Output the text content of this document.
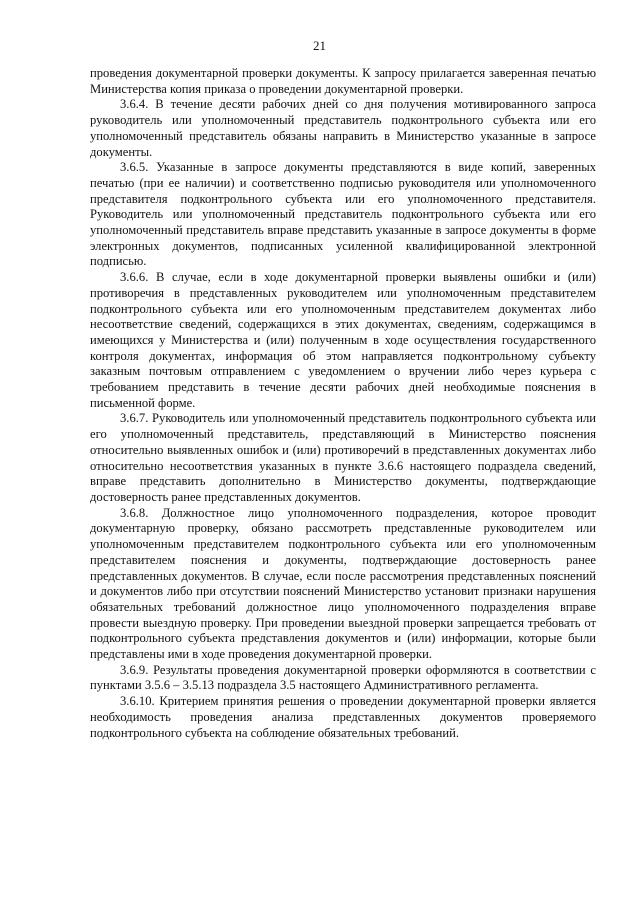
21

проведения документарной проверки документы. К запросу прилагается заверенная печатью Министерства копия приказа о проведении документарной проверки.

3.6.4. В течение десяти рабочих дней со дня получения мотивированного запроса руководитель или уполномоченный представитель подконтрольного субъекта или его уполномоченный представитель обязаны направить в Министерство указанные в запросе документы.

3.6.5. Указанные в запросе документы представляются в виде копий, заверенных печатью (при ее наличии) и соответственно подписью руководителя или уполномоченного представителя подконтрольного субъекта или его уполномоченного представителя. Руководитель или уполномоченный представитель подконтрольного субъекта или его уполномоченный представитель вправе представить указанные в запросе документы в форме электронных документов, подписанных усиленной квалифицированной электронной подписью.

3.6.6. В случае, если в ходе документарной проверки выявлены ошибки и (или) противоречия в представленных руководителем или уполномоченным представителем подконтрольного субъекта или его уполномоченным представителем документах либо несоответствие сведений, содержащихся в этих документах, сведениям, содержащимся в имеющихся у Министерства и (или) полученным в ходе осуществления государственного контроля документах, информация об этом направляется подконтрольному субъекту заказным почтовым отправлением с уведомлением о вручении либо через курьера с требованием представить в течение десяти рабочих дней необходимые пояснения в письменной форме.

3.6.7. Руководитель или уполномоченный представитель подконтрольного субъекта или его уполномоченный представитель, представляющий в Министерство пояснения относительно выявленных ошибок и (или) противоречий в представленных документах либо относительно несоответствия указанных в пункте 3.6.6 настоящего подраздела сведений, вправе представить дополнительно в Министерство документы, подтверждающие достоверность ранее представленных документов.

3.6.8. Должностное лицо уполномоченного подразделения, которое проводит документарную проверку, обязано рассмотреть представленные руководителем или уполномоченным представителем подконтрольного субъекта или его уполномоченным представителем пояснения и документы, подтверждающие достоверность ранее представленных документов. В случае, если после рассмотрения представленных пояснений и документов либо при отсутствии пояснений Министерство установит признаки нарушения обязательных требований должностное лицо уполномоченного подразделения вправе провести выездную проверку. При проведении выездной проверки запрещается требовать от подконтрольного субъекта представления документов и (или) информации, которые были представлены ими в ходе проведения документарной проверки.

3.6.9. Результаты проведения документарной проверки оформляются в соответствии с пунктами 3.5.6 – 3.5.13 подраздела 3.5 настоящего Административного регламента.

3.6.10. Критерием принятия решения о проведении документарной проверки является необходимость проведения анализа представленных документов проверяемого подконтрольного субъекта на соблюдение обязательных требований.
